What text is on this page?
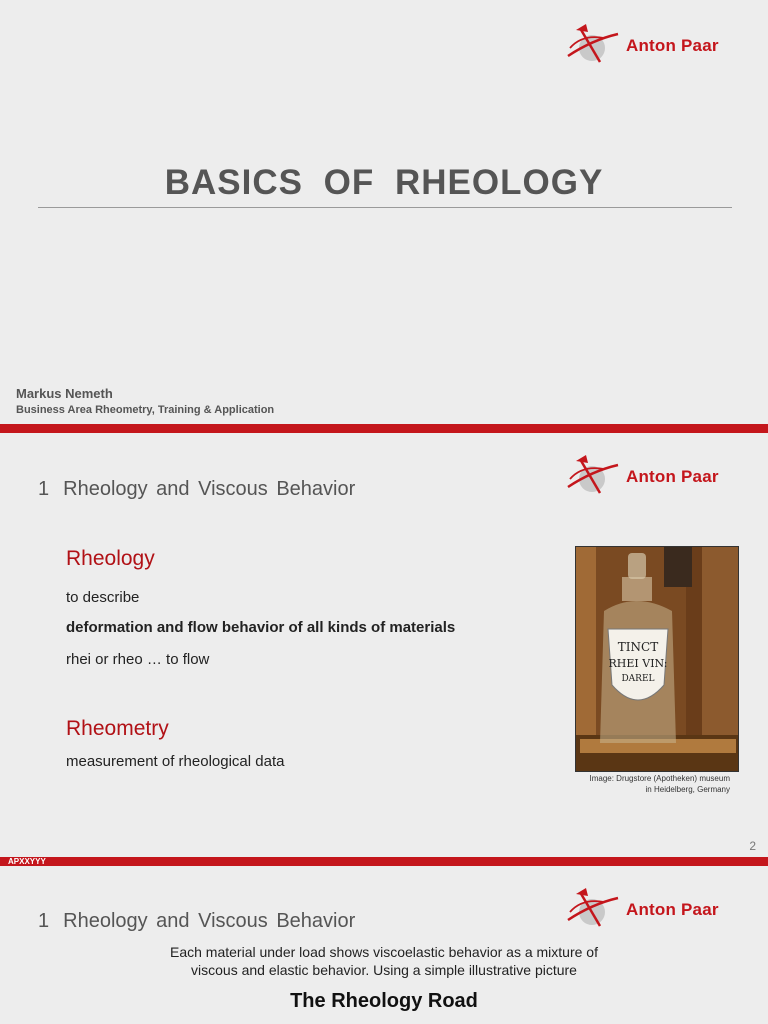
Anton Paar
BASICS OF RHEOLOGY
Markus Nemeth
Business Area Rheometry, Training & Application
1 Rheology and Viscous Behavior
Anton Paar
Rheology
to describe
deformation and flow behavior of all kinds of materials
rhei or rheo … to flow
Rheometry
measurement of rheological data
TINCT
RHEI VIN:
DAREL
Image: Drugstore (Apotheken) museum
in Heidelberg, Germany
2
APXXYYY
1 Rheology and Viscous Behavior
Anton Paar
Each material under load shows viscoelastic behavior as a mixture of
viscous and elastic behavior. Using a simple illustrative picture
The Rheology Road
